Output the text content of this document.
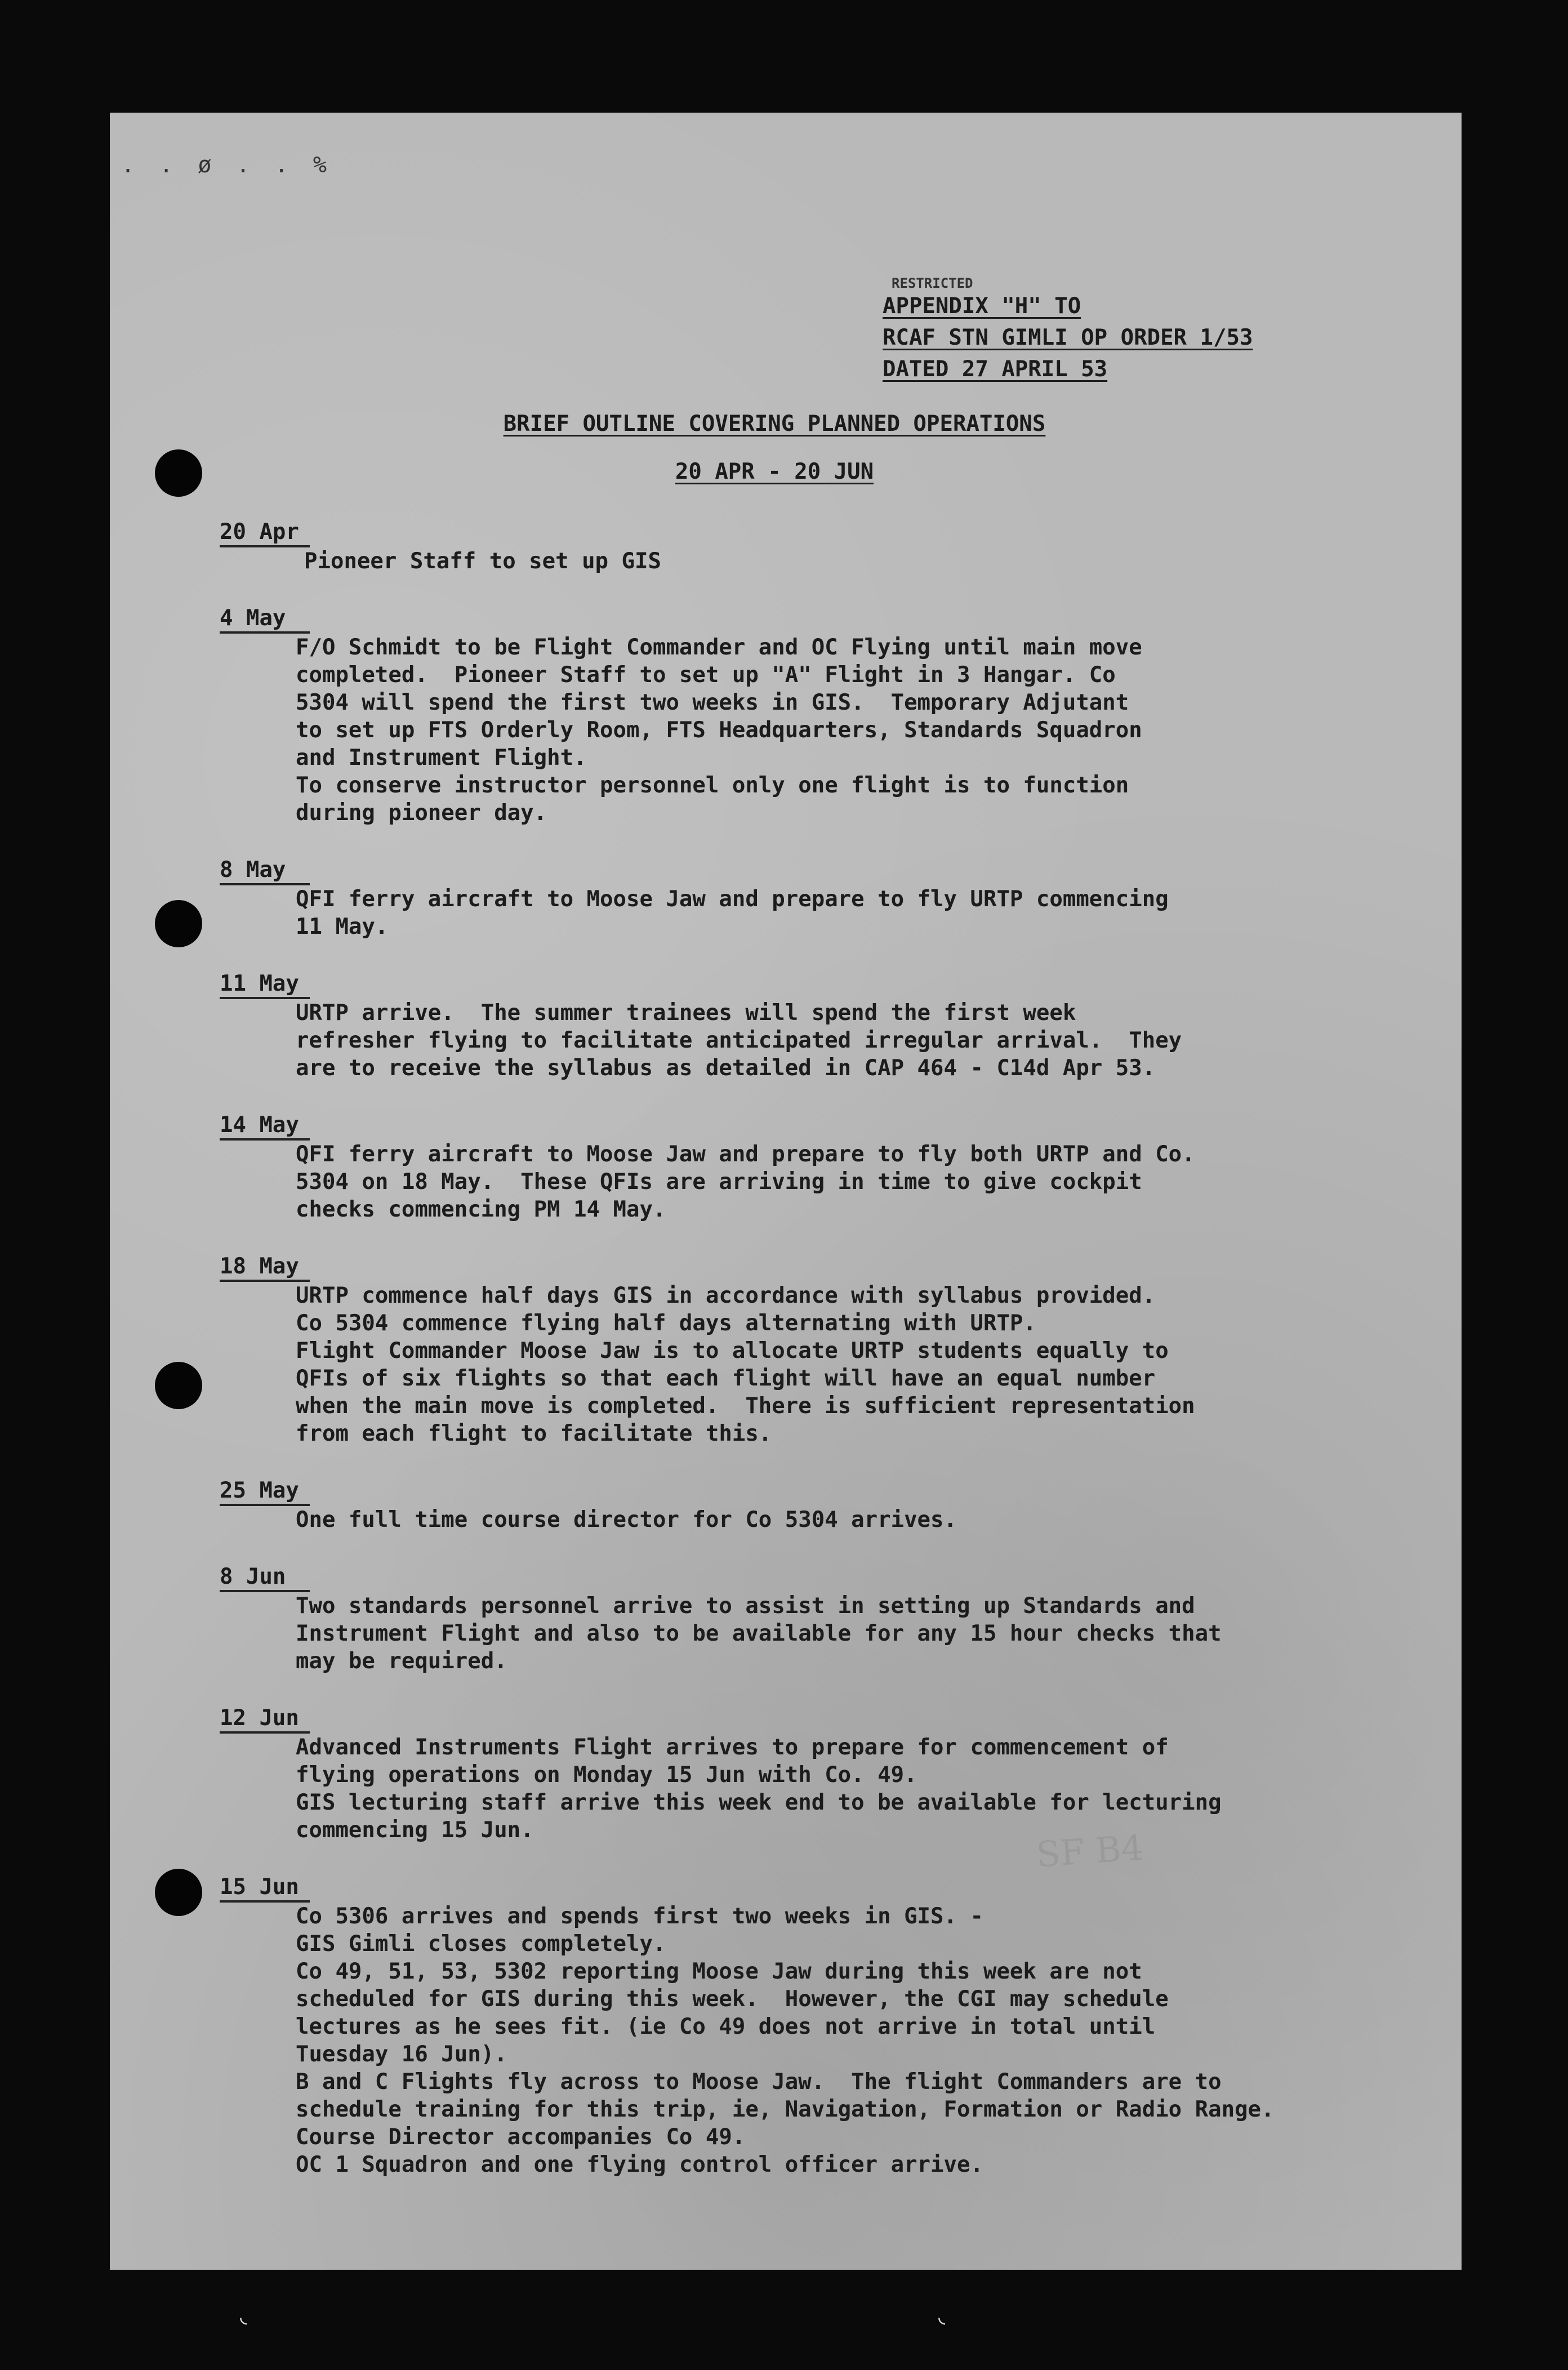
. . ø . . %
RESTRICTED
APPENDIX "H" TO
RCAF STN GIMLI OP ORDER 1/53
DATED 27 APRIL 53
BRIEF OUTLINE COVERING PLANNED OPERATIONS
20 APR - 20 JUN
20 Apr
Pioneer Staff to set up GIS
4 May
F/O Schmidt to be Flight Commander and OC Flying until main move
completed.  Pioneer Staff to set up "A" Flight in 3 Hangar. Co
5304 will spend the first two weeks in GIS.  Temporary Adjutant
to set up FTS Orderly Room, FTS Headquarters, Standards Squadron
and Instrument Flight.
To conserve instructor personnel only one flight is to function
during pioneer day.
8 May
QFI ferry aircraft to Moose Jaw and prepare to fly URTP commencing
11 May.
11 May
URTP arrive.  The summer trainees will spend the first week
refresher flying to facilitate anticipated irregular arrival.  They
are to receive the syllabus as detailed in CAP 464 - C14d Apr 53.
14 May
QFI ferry aircraft to Moose Jaw and prepare to fly both URTP and Co.
5304 on 18 May.  These QFIs are arriving in time to give cockpit
checks commencing PM 14 May.
18 May
URTP commence half days GIS in accordance with syllabus provided.
Co 5304 commence flying half days alternating with URTP.
Flight Commander Moose Jaw is to allocate URTP students equally to
QFIs of six flights so that each flight will have an equal number
when the main move is completed.  There is sufficient representation
from each flight to facilitate this.
25 May
One full time course director for Co 5304 arrives.
8 Jun
Two standards personnel arrive to assist in setting up Standards and
Instrument Flight and also to be available for any 15 hour checks that
may be required.
12 Jun
Advanced Instruments Flight arrives to prepare for commencement of
flying operations on Monday 15 Jun with Co. 49.
GIS lecturing staff arrive this week end to be available for lecturing
commencing 15 Jun.
15 Jun
Co 5306 arrives and spends first two weeks in GIS. -
GIS Gimli closes completely.
Co 49, 51, 53, 5302 reporting Moose Jaw during this week are not
scheduled for GIS during this week.  However, the CGI may schedule
lectures as he sees fit. (ie Co 49 does not arrive in total until
Tuesday 16 Jun).
B and C Flights fly across to Moose Jaw.  The flight Commanders are to
schedule training for this trip, ie, Navigation, Formation or Radio Range.
Course Director accompanies Co 49.
OC 1 Squadron and one flying control officer arrive.
SF B4
◟	◟
